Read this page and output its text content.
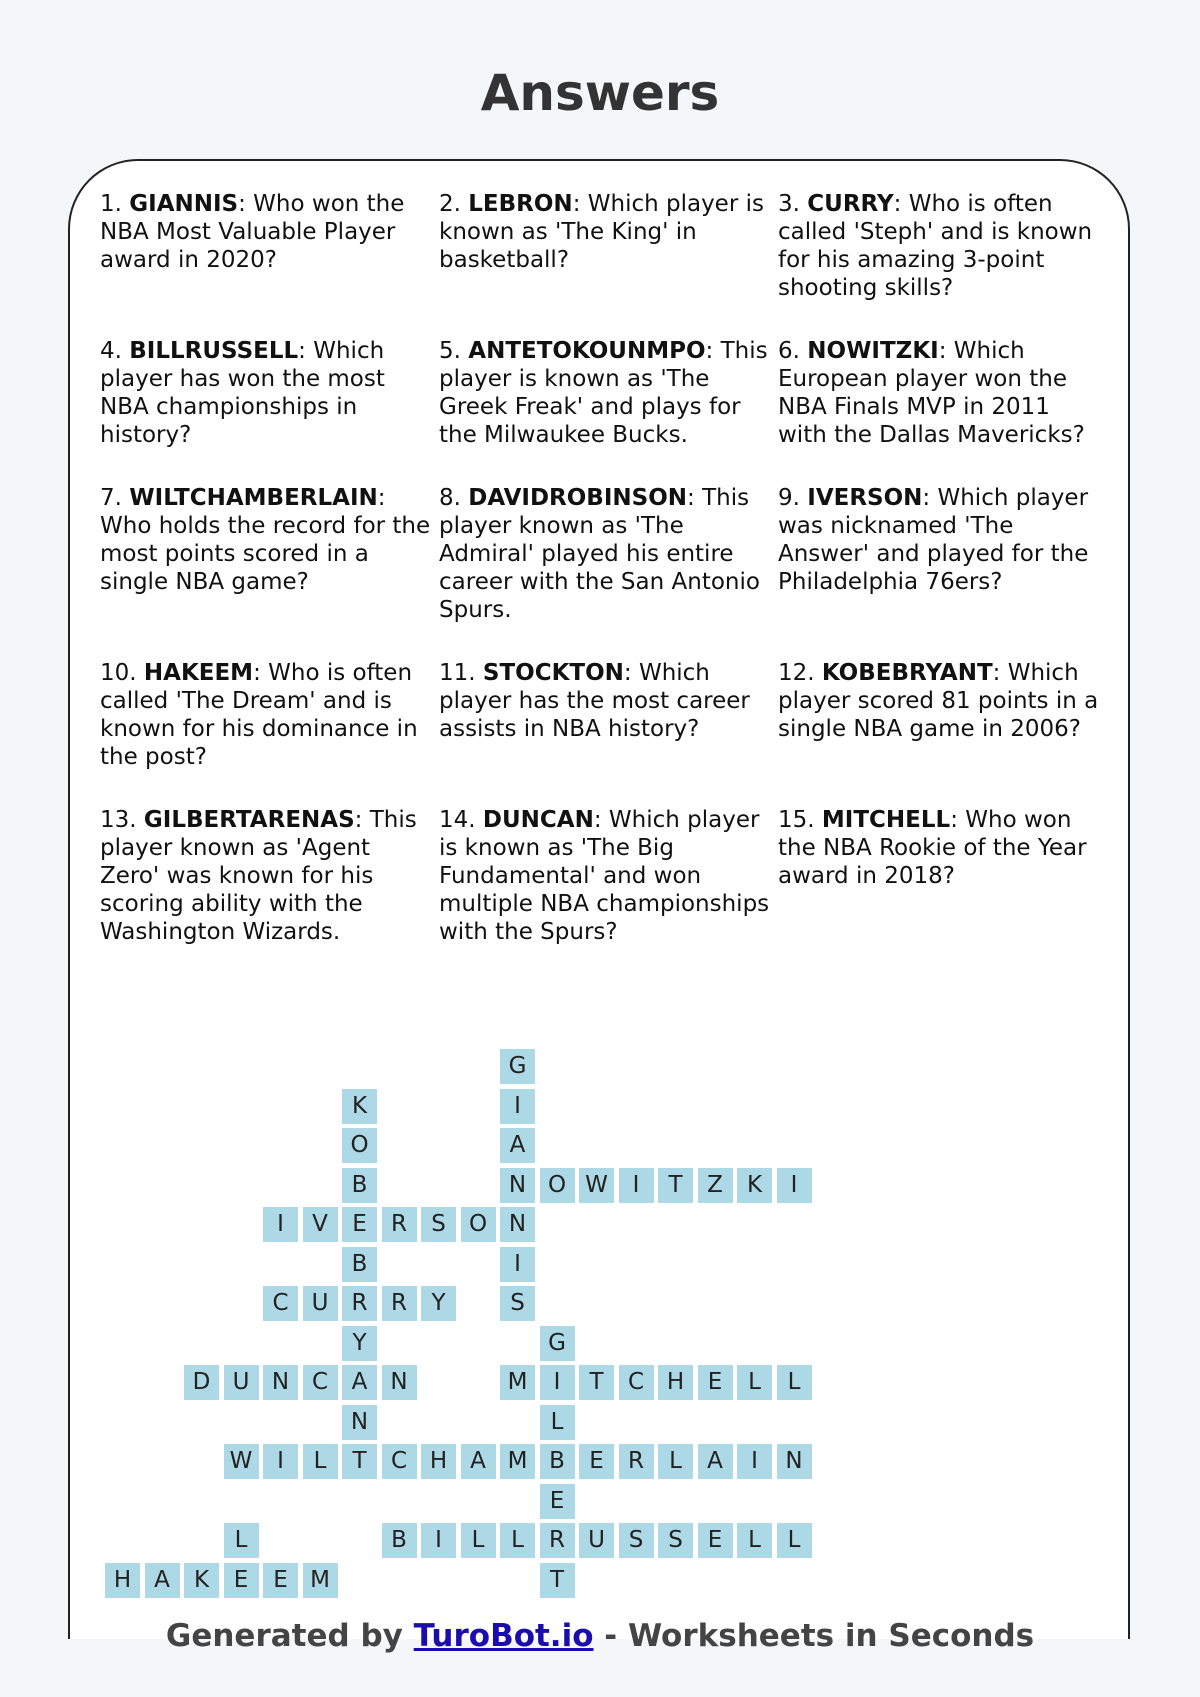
Answers
1. GIANNIS: Who won the NBA Most Valuable Player award in 2020?
2. LEBRON: Which player is known as 'The King' in basketball?
3. CURRY: Who is often called 'Steph' and is known for his amazing 3-point shooting skills?
4. BILLRUSSELL: Which player has won the most NBA championships in history?
5. ANTETOKOUNMPO: This player is known as 'The Greek Freak' and plays for the Milwaukee Bucks.
6. NOWITZKI: Which European player won the NBA Finals MVP in 2011 with the Dallas Mavericks?
7. WILTCHAMBERLAIN: Who holds the record for the most points scored in a single NBA game?
8. DAVIDROBINSON: This player known as 'The Admiral' played his entire career with the San Antonio Spurs.
9. IVERSON: Which player was nicknamed 'The Answer' and played for the Philadelphia 76ers?
10. HAKEEM: Who is often called 'The Dream' and is known for his dominance in the post?
11. STOCKTON: Which player has the most career assists in NBA history?
12. KOBEBRYANT: Which player scored 81 points in a single NBA game in 2006?
13. GILBERTARENAS: This player known as 'Agent Zero' was known for his scoring ability with the Washington Wizards.
14. DUNCAN: Which player is known as 'The Big Fundamental' and won multiple NBA championships with the Spurs?
15. MITCHELL: Who won the NBA Rookie of the Year award in 2018?
G
I
A
N
N
I
S
K
O
B
E
B
R
Y
A
N
T
O W	I	T	Z	K	I
I	V	R	S	O
C	U	R	Y
G
I
L
B
E
R
T
D U N C	N	M	T	C H	E	L	L
W	I	L	C H A M	E	R	L	A	I	N
B	I	L	L	U	S	S	E	L	L
L
H A	K	E	E M
Generated by TuroBot.io - Worksheets in Seconds
